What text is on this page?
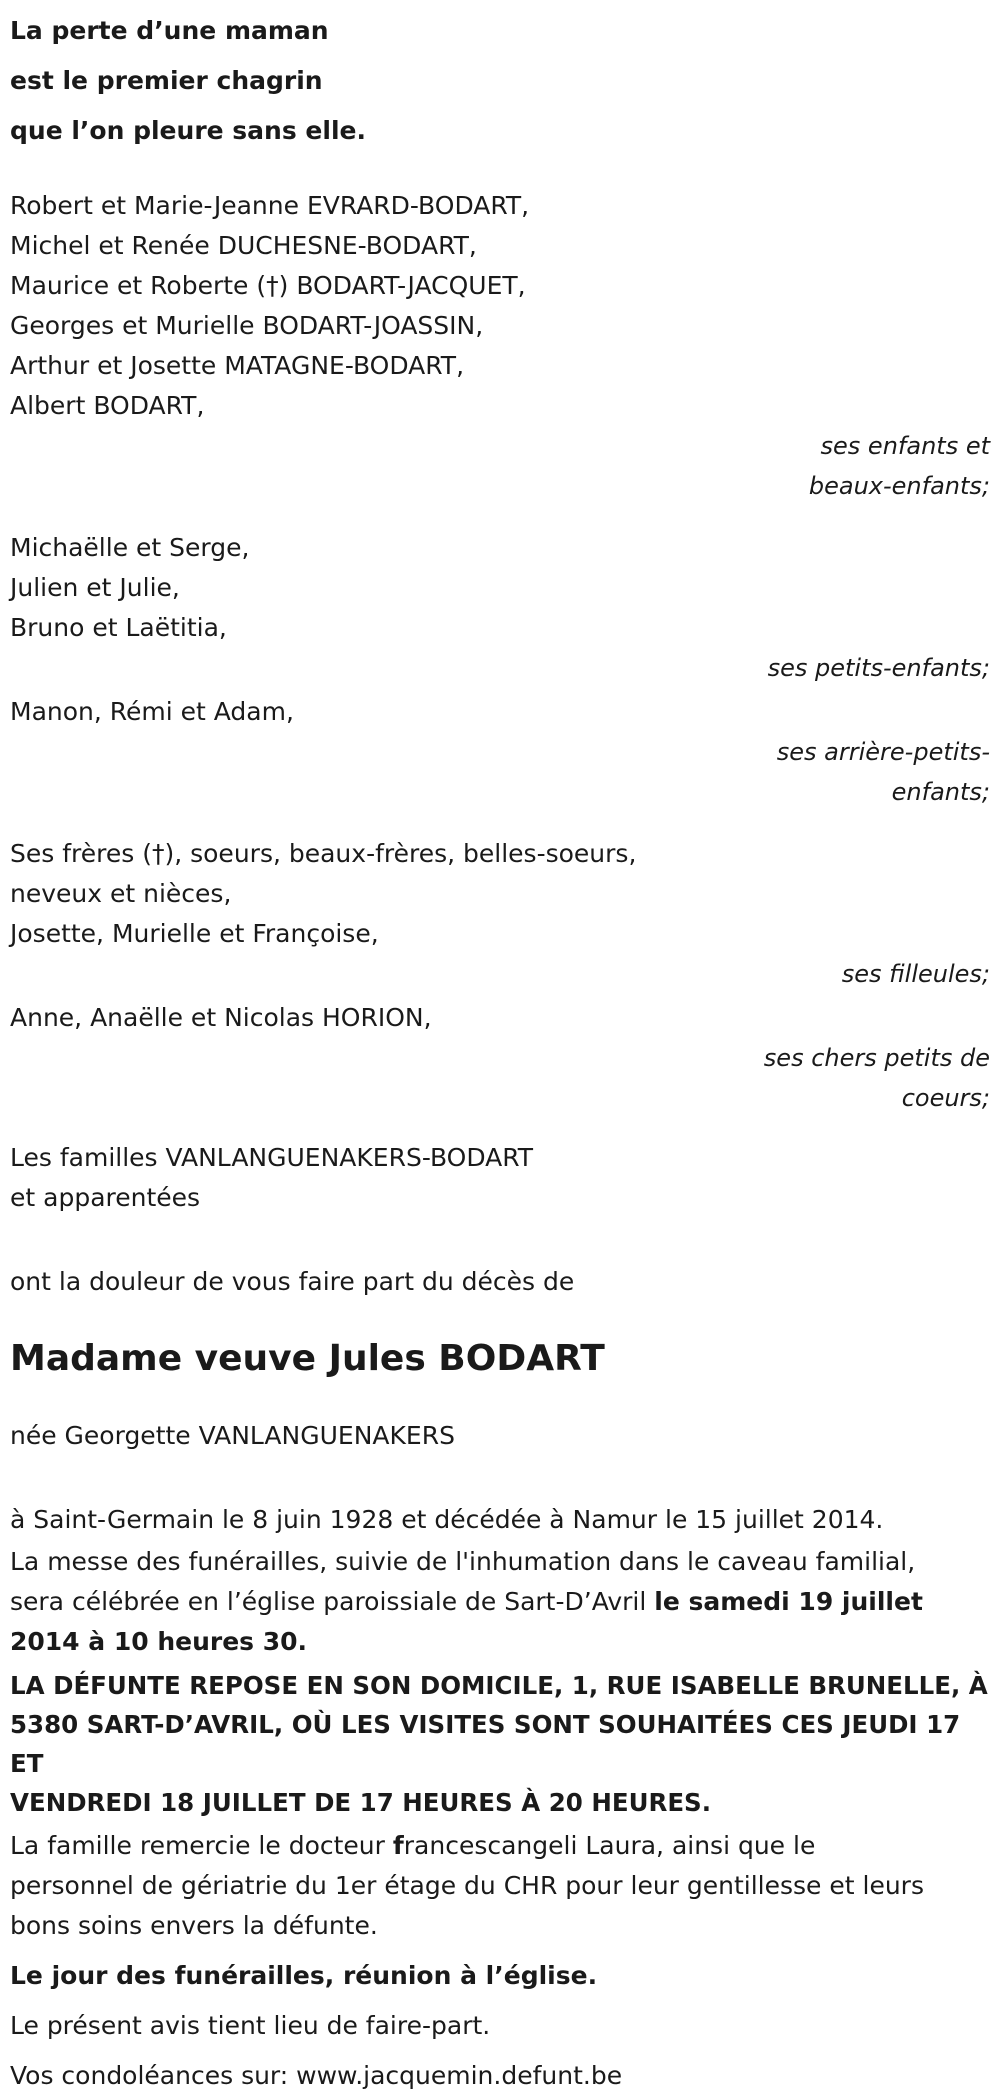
La perte d’une maman
est le premier chagrin
que l’on pleure sans elle.
Robert et Marie-Jeanne EVRARD-BODART,
Michel et Renée DUCHESNE-BODART,
Maurice et Roberte (†) BODART-JACQUET,
Georges et Murielle BODART-JOASSIN,
Arthur et Josette MATAGNE-BODART,
Albert BODART,
ses enfants et
beaux-enfants;
Michaëlle et Serge,
Julien et Julie,
Bruno et Laëtitia,
ses petits-enfants;
Manon, Rémi et Adam,
ses arrière-petits-
enfants;
Ses frères (†), soeurs, beaux-frères, belles-soeurs,
neveux et nièces,
Josette, Murielle et Françoise,
ses filleules;
Anne, Anaëlle et Nicolas HORION,
ses chers petits de
coeurs;
Les familles VANLANGUENAKERS-BODART
et apparentées
ont la douleur de vous faire part du décès de
Madame veuve Jules BODART
née Georgette VANLANGUENAKERS
à Saint-Germain le 8 juin 1928 et décédée à Namur le 15 juillet 2014.
La messe des funérailles, suivie de l'inhumation dans le caveau familial,
sera célébrée en l’église paroissiale de Sart-D’Avril le samedi 19 juillet
2014 à 10 heures 30.
LA DÉFUNTE REPOSE EN SON DOMICILE, 1, RUE ISABELLE BRUNELLE, À
5380 SART-D’AVRIL, OÙ LES VISITES SONT SOUHAITÉES CES JEUDI 17 ET
VENDREDI 18 JUILLET DE 17 HEURES À 20 HEURES.
La famille remercie le docteur francescangeli Laura, ainsi que le
personnel de gériatrie du 1er étage du CHR pour leur gentillesse et leurs
bons soins envers la défunte.
Le jour des funérailles, réunion à l’église.
Le présent avis tient lieu de faire-part.
Vos condoléances sur: www.jacquemin.defunt.be
